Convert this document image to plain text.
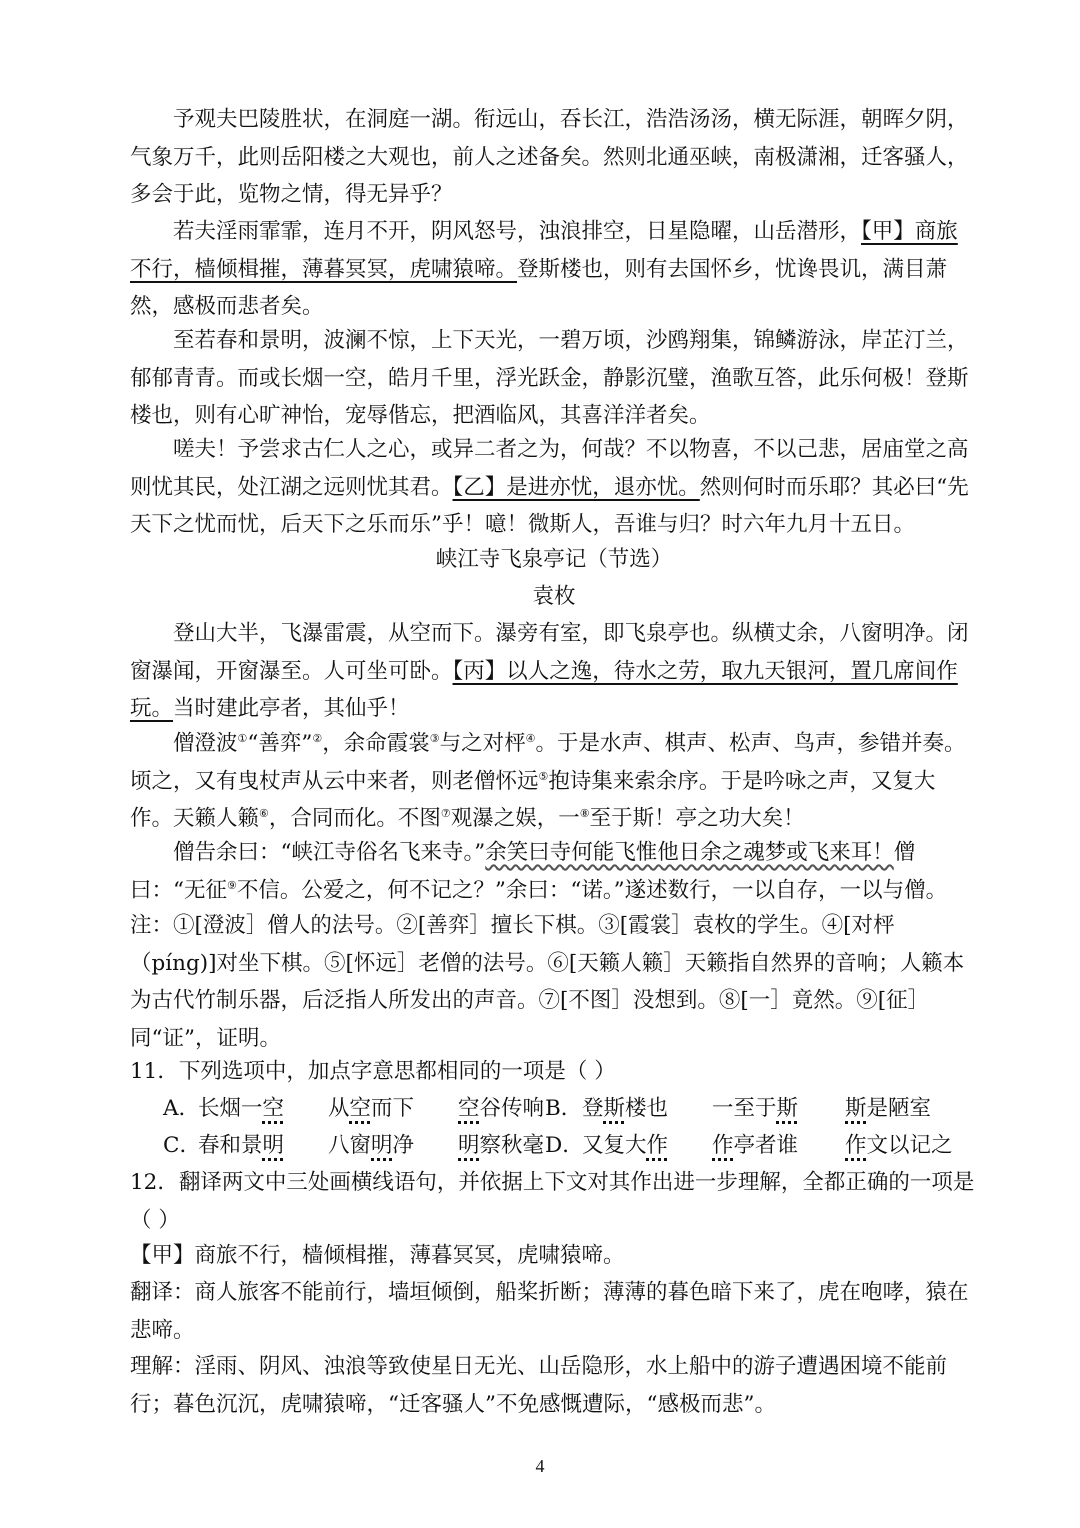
予观夫巴陵胜状，在洞庭一湖。衔远山，吞长江，浩浩汤汤，横无际涯，朝晖夕阴，气象万千，此则岳阳楼之大观也，前人之述备矣。然则北通巫峡，南极潇湘，迁客骚人，多会于此，览物之情，得无异乎？
若夫淫雨霏霏，连月不开，阴风怒号，浊浪排空，日星隐曜，山岳潜形，【甲】商旅不行，樯倾楫摧，薄暮冥冥，虎啸猿啼。登斯楼也，则有去国怀乡，忧谗畏讥，满目萧然，感极而悲者矣。
至若春和景明，波澜不惊，上下天光，一碧万顷，沙鸥翔集，锦鳞游泳，岸芷汀兰，郁郁青青。而或长烟一空，皓月千里，浮光跃金，静影沉璧，渔歌互答，此乐何极！登斯楼也，则有心旷神怡，宠辱偕忘，把酒临风，其喜洋洋者矣。
嗟夫！予尝求古仁人之心，或异二者之为，何哉？不以物喜，不以己悲，居庙堂之高则忧其民，处江湖之远则忧其君。【乙】是进亦忧，退亦忧。然则何时而乐耶？其必曰“先天下之忧而忧，后天下之乐而乐”乎！噫！微斯人，吾谁与归？时六年九月十五日。
峡江寺飞泉亭记（节选）
袁枚
登山大半，飞瀑雷震，从空而下。瀑旁有室，即飞泉亭也。纵横丈余，八窗明净。闭窗瀑闻，开窗瀑至。人可坐可卧。【丙】以人之逸，待水之劳，取九天银河，置几席间作玩。当时建此亭者，其仙乎！
僧澄波①“善弈”②，余命霞裳③与之对枰④。于是水声、棋声、松声、鸟声，参错并奏。顷之，又有曳杖声从云中来者，则老僧怀远⑤抱诗集来索余序。于是吟咏之声，又复大作。天籁人籁⑥，合同而化。不图⑦观瀑之娱，一⑧至于斯！亭之功大矣！
僧告余曰：“峡江寺俗名飞来寺。”余笑曰寺何能飞惟他日余之魂梦或飞来耳！僧曰：“无征⑨不信。公爱之，何不记之？”余曰：“诺。”遂述数行，一以自存，一以与僧。
注：①[澄波］僧人的法号。②[善弈］擅长下棋。③[霞裳］袁枚的学生。④[对枰（píng)]对坐下棋。⑤[怀远］老僧的法号。⑥[天籁人籁］天籁指自然界的音响；人籁本为古代竹制乐器，后泛指人所发出的声音。⑦[不图］没想到。⑧[一］竟然。⑨[征］同“证”，证明。
11．下列选项中，加点字意思都相同的一项是（ ）
A．
长烟一空 从空而下 空谷传响 B． 登斯楼也 一至于斯 斯是陋室
C．
春和景明 八窗明净 明察秋毫 D．
又复大作 作亭者谁 作文以记之
12．翻译两文中三处画横线语句，并依据上下文对其作出进一步理解，全都正确的一项是（ ）
【甲】商旅不行，樯倾楫摧，薄暮冥冥，虎啸猿啼。
翻译：商人旅客不能前行，墙垣倾倒，船桨折断；薄薄的暮色暗下来了，虎在咆哮，猿在悲啼。
理解：淫雨、阴风、浊浪等致使星日无光、山岳隐形，水上船中的游子遭遇困境不能前行；暮色沉沉，虎啸猿啼，“迁客骚人”不免感慨遭际，“感极而悲”。
4
